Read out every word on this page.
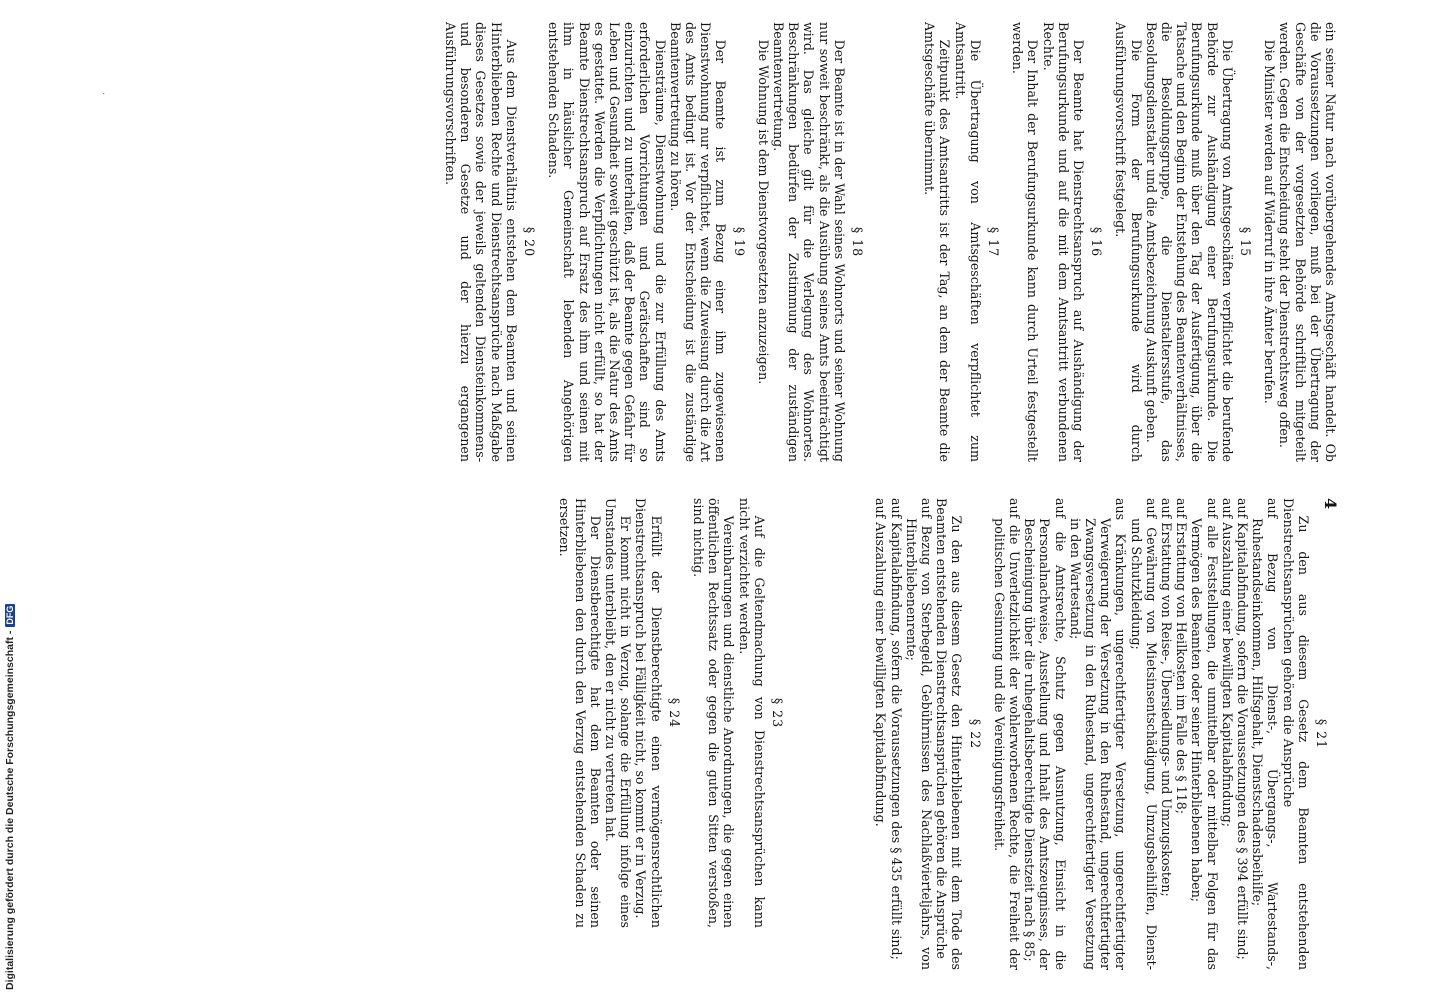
4
·
§ 21

Zu den aus diesem Gesetz dem Beamten entstehenden Dienstrechtsansprüchen gehören die Ansprüche

auf Bezug von Dienst-, Übergangs-, Wartestands-, Ruhestandseinkommen, Hilfsgehalt, Dienstschadensbeihilfe;

auf Kapitalabfindung, sofern die Voraussetzungen des § 394 erfüllt sind;

auf Auszahlung einer bewilligten Kapitalabfindung;

auf alle Feststellungen, die unmittelbar oder mittelbar Folgen für das Vermögen des Beamten oder seiner Hinterbliebenen haben;

auf Erstattung von Heilkosten im Falle des § 118;

auf Erstattung von Reise-, Übersiedlungs- und Umzugskosten;

auf Gewährung von Mietsinsentschädigung, Umzugsbeihilfen, Dienst- und Schutzkleidung;

aus Kränkungen, ungerechtfertigter Versetzung, ungerechtfertigter Verweigerung der Versetzung in den Ruhestand, ungerechtfertigter Zwangsversetzung in den Ruhestand, ungerechtfertigter Versetzung in den Wartestand;

auf die Amtsrechte, Schutz gegen Ausnutzung, Einsicht in die Personalnachweise, Ausstellung und Inhalt des Amtszeugnisses, der Bescheinigung über die ruhegehaltsberechtigte Dienstzeit nach § 85;

auf die Unverletzlichkeit der wohlerworbenen Rechte, die Freiheit der politischen Gesinnung und die Vereinigungsfreiheit.

§ 22

Zu den aus diesem Gesetz den Hinterbliebenen mit dem Tode des Beamten entstehenden Dienstrechtsansprüchen gehören die Ansprüche

auf Bezug von Sterbegeld, Gebührnissen des Nachlaßvierteljahrs, von Hinterbliebenenrente;

auf Kapitalabfindung, sofern die Voraussetzungen des § 435 erfüllt sind;

auf Auszahlung einer bewilligten Kapitalabfindung.

§ 23

Auf die Geltendmachung von Dienstrechtsansprüchen kann nicht verzichtet werden.

Vereinbarungen und dienstliche Anordnungen, die gegen einen öffentlichen Rechtssatz oder gegen die guten Sitten verstoßen, sind nichtig.

§ 24

Erfüllt der Dienstberechtigte einen vermögensrechtlichen Dienstrechtsanspruch bei Fälligkeit nicht, so kommt er in Verzug.

Er kommt nicht in Verzug, solange die Erfüllung infolge eines Umstandes unterbleibt, den er nicht zu vertreten hat.

Der Dienstberechtigte hat dem Beamten oder seinen Hinterbliebenen den durch den Verzug entstehenden Schaden zu ersetzen.

ein seiner Natur nach vorübergehendes Amtsgeschäft handelt. Ob die Voraussetzungen vorliegen, muß bei der Übertragung der Geschäfte von der vorgesetzten Behörde schriftlich mitgeteilt werden. Gegen die Entscheidung steht der Dienstrechtsweg offen.

Die Minister werden auf Widerruf in ihre Ämter berufen.

§ 15

Die Übertragung von Amtsgeschäften verpflichtet die berufende Behörde zur Aushändigung einer Berufungsurkunde. Die Berufungsurkunde muß über den Tag der Ausfertigung, über die Tatsache und den Beginn der Entstehung des Beamtenverhältnisses, die Besoldungsgruppe, die Dienstaltersstufe, das Besoldungsdienstalter und die Amtsbezeichnung Auskunft geben.

Die Form der Berufungsurkunde wird durch Ausführungsvorschrift festgelegt.

§ 16

Der Beamte hat Dienstrechtsanspruch auf Aushändigung der Berufungsurkunde und auf die mit dem Amtsantritt verbundenen Rechte.

Der Inhalt der Berufungsurkunde kann durch Urteil festgestellt werden.

§ 17

Die Übertragung von Amtsgeschäften verpflichtet zum Amtsantritt.

Zeitpunkt des Amtsantritts ist der Tag, an dem der Beamte die Amtsgeschäfte übernimmt.

§ 18

Der Beamte ist in der Wahl seines Wohnorts und seiner Wohnung nur soweit beschränkt, als die Ausübung seines Amts beeinträchtigt wird. Das gleiche gilt für die Verlegung des Wohnortes. Beschränkungen bedürfen der Zustimmung der zuständigen Beamtenvertretung.

Die Wohnung ist dem Dienstvorgesetzten anzuzeigen.

§ 19

Der Beamte ist zum Bezug einer ihm zugewiesenen Dienstwohnung nur verpflichtet, wenn die Zuweisung durch die Art des Amts bedingt ist. Vor der Entscheidung ist die zuständige Beamtenvertretung zu hören.

Diensträume, Dienstwohnung und die zur Erfüllung des Amts erforderlichen Vorrichtungen und Gerätschaften sind so einzurichten und zu unterhalten, daß der Beamte gegen Gefahr für Leben und Gesundheit soweit geschützt ist, als die Natur des Amts es gestattet. Werden die Verpflichtungen nicht erfüllt, so hat der Beamte Dienstrechtsanspruch auf Ersatz des ihm und seinen mit ihm in häuslicher Gemeinschaft lebenden Angehörigen entstehenden Schadens.

§ 20

Aus dem Dienstverhältnis entstehen dem Beamten und seinen Hinterbliebenen Rechte und Dienstrechtsansprüche nach Maßgabe dieses Gesetzes sowie der jeweils geltenden Diensteinkommens- und besonderen Gesetze und der hierzu ergangenen Ausführungsvorschriften.

Digitalisierung gefördert durch die Deutsche Forschungsgemeinschaft -DFG
